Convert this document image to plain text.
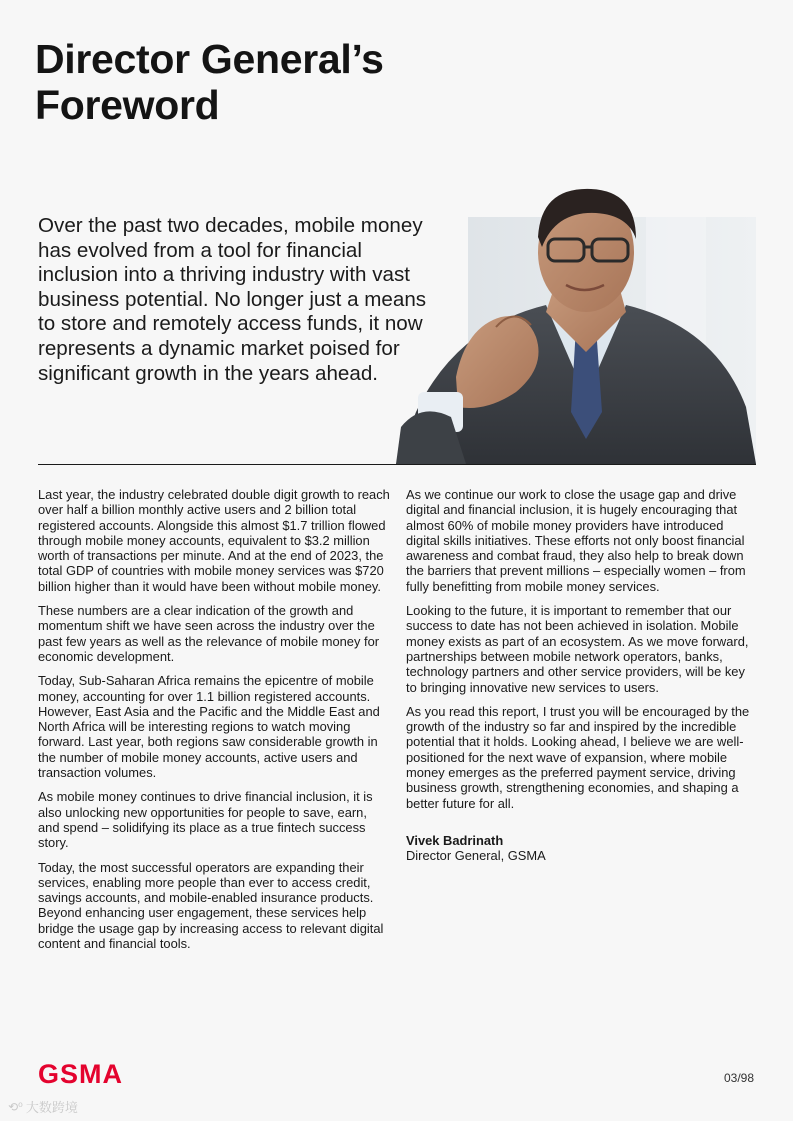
Director General’s
Foreword

Over the past two decades, mobile money has evolved from a tool for financial inclusion into a thriving industry with vast business potential. No longer just a means to store and remotely access funds, it now represents a dynamic market poised for significant growth in the years ahead.

Last year, the industry celebrated double digit growth to reach over half a billion monthly active users and 2 billion total registered accounts. Alongside this almost $1.7 trillion flowed through mobile money accounts, equivalent to $3.2 million worth of transactions per minute. And at the end of 2023, the total GDP of countries with mobile money services was $720 billion higher than it would have been without mobile money.

These numbers are a clear indication of the growth and momentum shift we have seen across the industry over the past few years as well as the relevance of mobile money for economic development.

Today, Sub-Saharan Africa remains the epicentre of mobile money, accounting for over 1.1 billion registered accounts. However, East Asia and the Pacific and the Middle East and North Africa will be interesting regions to watch moving forward. Last year, both regions saw considerable growth in the number of mobile money accounts, active users and transaction volumes.

As mobile money continues to drive financial inclusion, it is also unlocking new opportunities for people to save, earn, and spend – solidifying its place as a true fintech success story.

Today, the most successful operators are expanding their services, enabling more people than ever to access credit, savings accounts, and mobile-enabled insurance products. Beyond enhancing user engagement, these services help bridge the usage gap by increasing access to relevant digital content and financial tools.

As we continue our work to close the usage gap and drive digital and financial inclusion, it is hugely encouraging that almost 60% of mobile money providers have introduced digital skills initiatives. These efforts not only boost financial awareness and combat fraud, they also help to break down the barriers that prevent millions – especially women – from fully benefitting from mobile money services.

Looking to the future, it is important to remember that our success to date has not been achieved in isolation. Mobile money exists as part of an ecosystem. As we move forward, partnerships between mobile network operators, banks, technology partners and other service providers, will be key to bringing innovative new services to users.

As you read this report, I trust you will be encouraged by the growth of the industry so far and inspired by the incredible potential that it holds. Looking ahead, I believe we are well-positioned for the next wave of expansion, where mobile money emerges as the preferred payment service, driving business growth, strengthening economies, and shaping a better future for all.

Vivek Badrinath
Director General, GSMA
GSMA	03/98
⟲⁰ 大数跨境
